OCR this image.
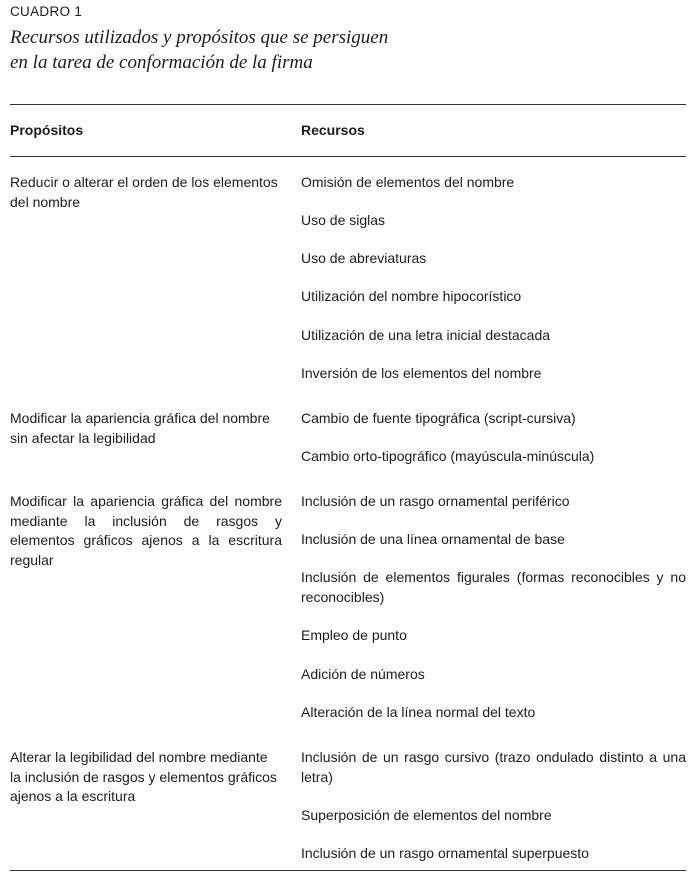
CUADRO 1
Recursos utilizados y propósitos que se persiguen
en la tarea de conformación de la firma
Propósitos	Recursos
Reducir o alterar el orden de los elementos del nombre
Omisión de elementos del nombre
Uso de siglas
Uso de abreviaturas
Utilización del nombre hipocorístico
Utilización de una letra inicial destacada
Inversión de los elementos del nombre
Modificar la apariencia gráfica del nombre sin afectar la legibilidad
Cambio de fuente tipográfica (script-cursiva)
Cambio orto-tipográfico (mayúscula-minúscula)
Modificar la apariencia gráfica del nombre mediante la inclusión de rasgos y elementos gráficos ajenos a la escritura regular
Inclusión de un rasgo ornamental periférico
Inclusión de una línea ornamental de base
Inclusión de elementos figurales (formas reconocibles y no reconocibles)
Empleo de punto
Adición de números
Alteración de la línea normal del texto
Alterar la legibilidad del nombre mediante la inclusión de rasgos y elementos gráficos ajenos a la escritura
Inclusión de un rasgo cursivo (trazo ondulado distinto a una letra)
Superposición de elementos del nombre
Inclusión de un rasgo ornamental superpuesto
